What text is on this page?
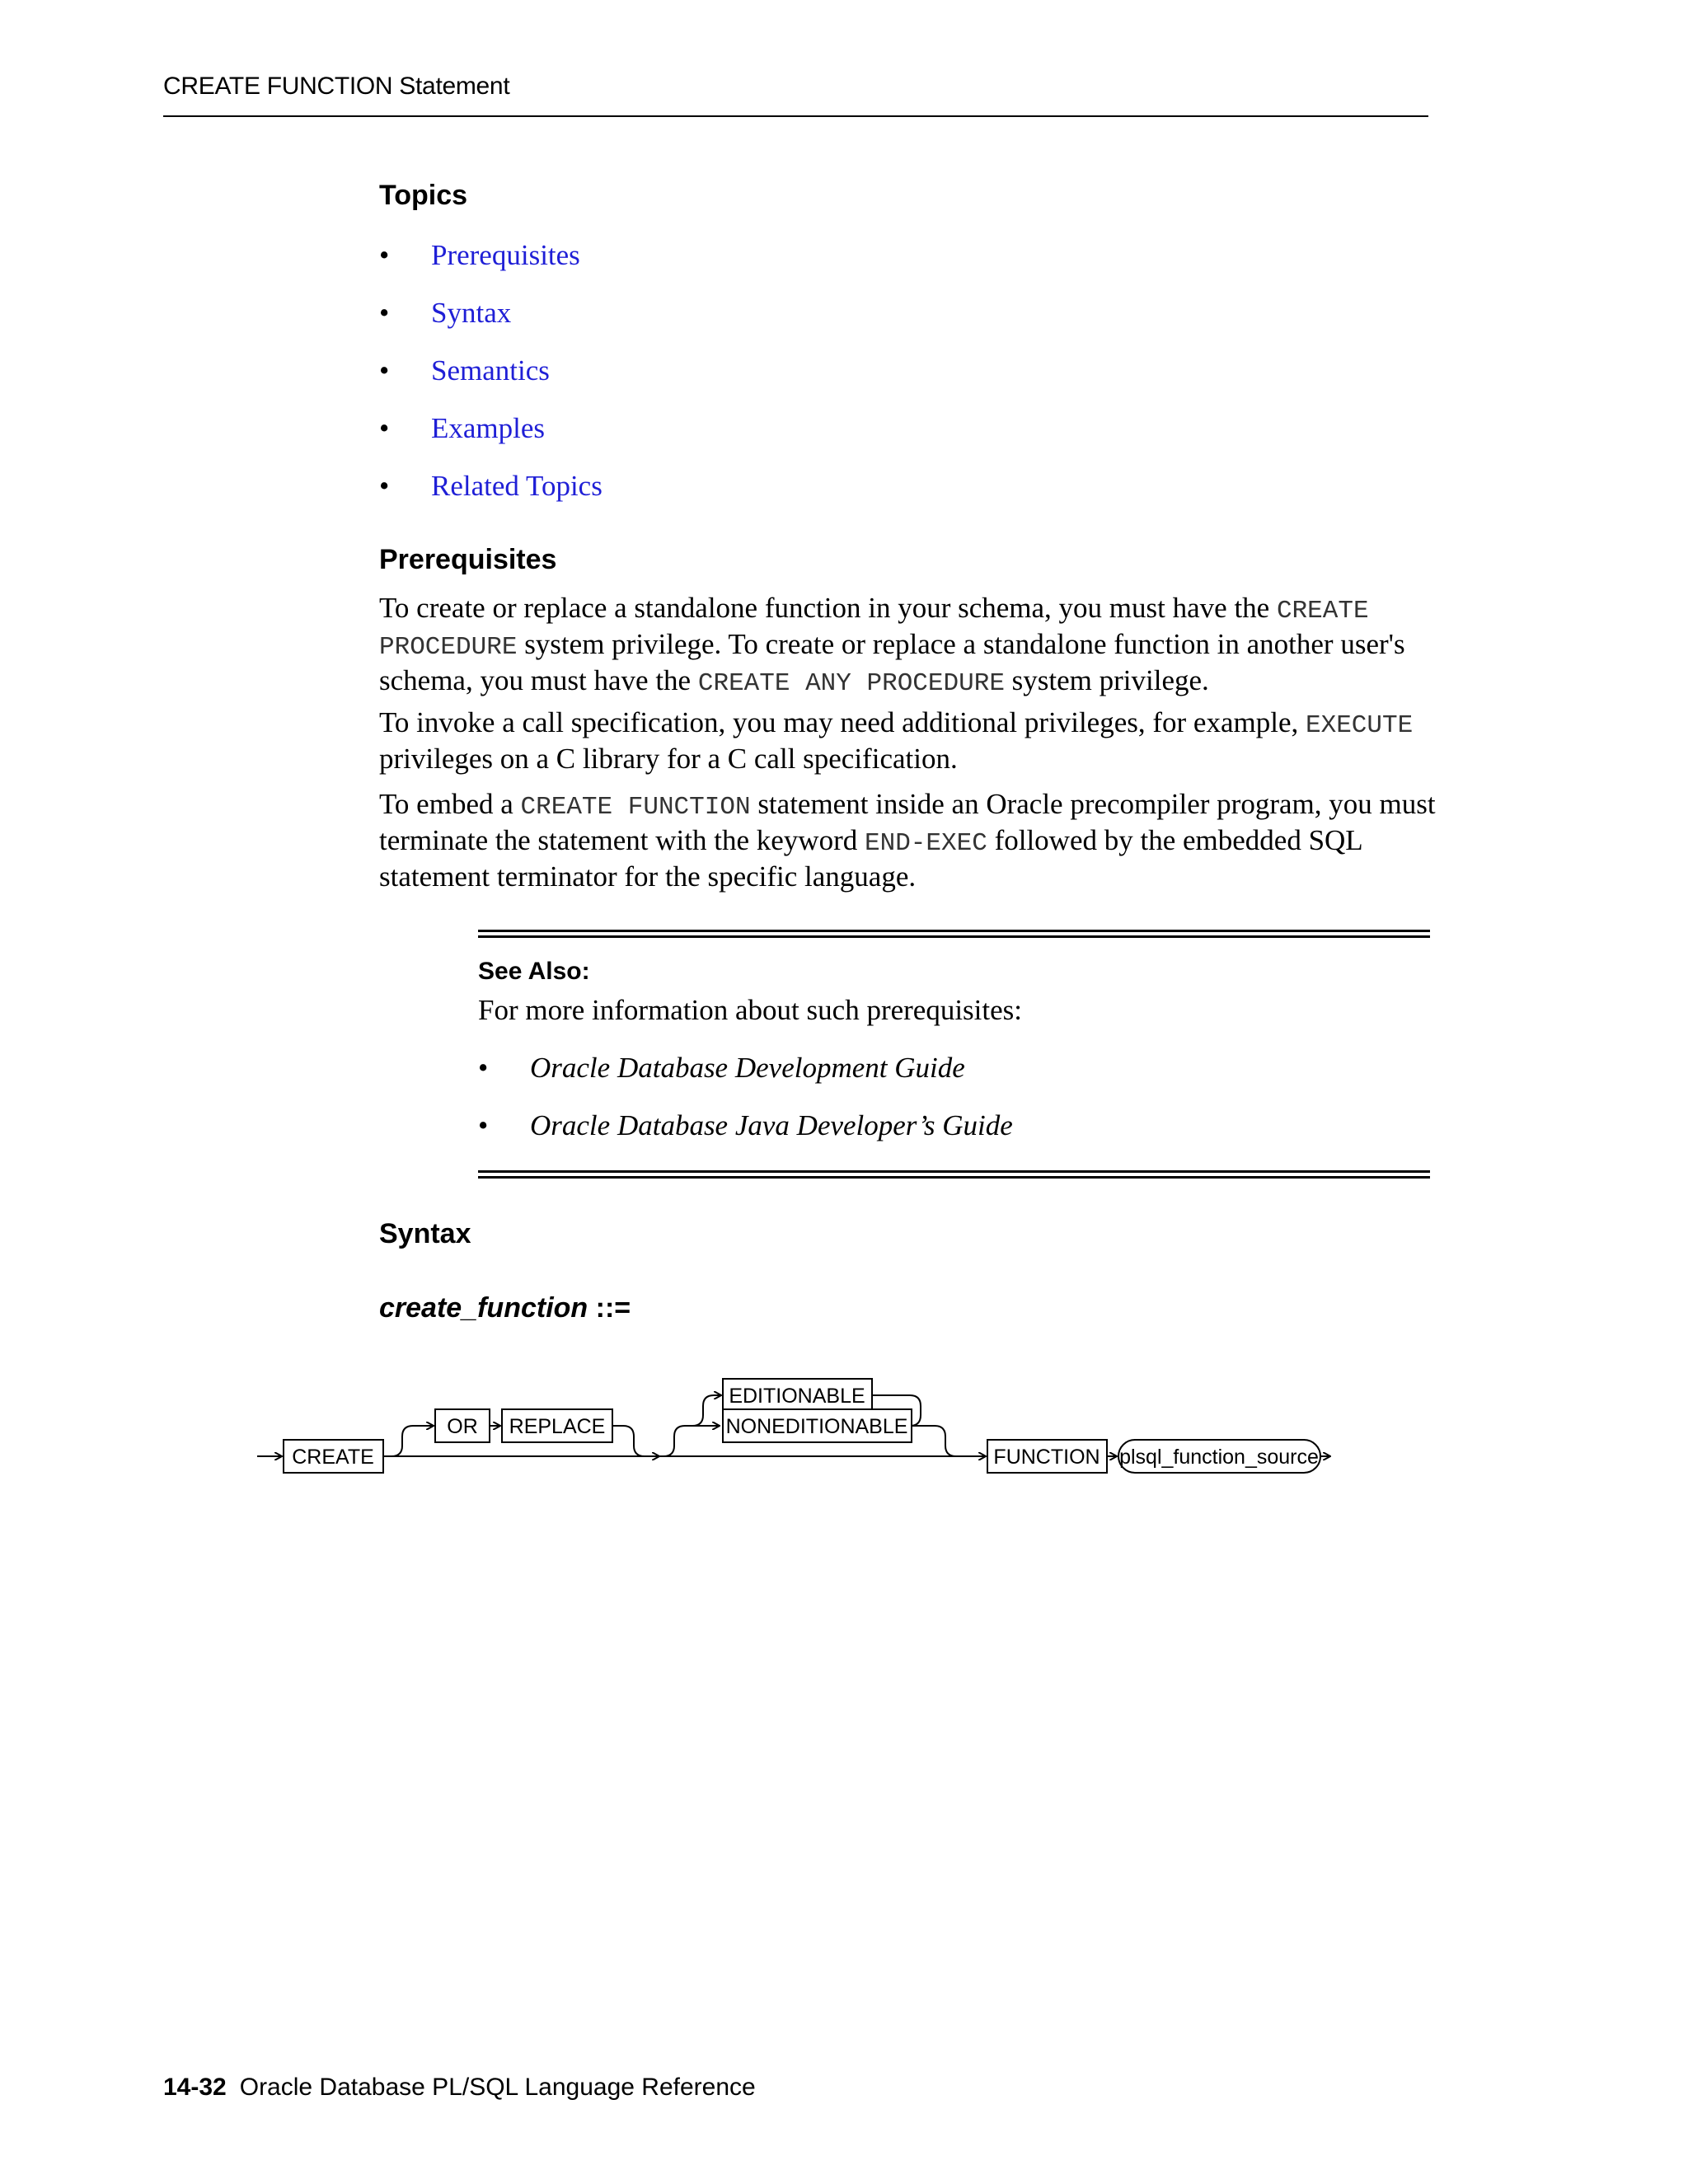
CREATE FUNCTION Statement
Topics
• Prerequisites
• Syntax
• Semantics
• Examples
• Related Topics
Prerequisites

To create or replace a standalone function in your schema, you must have the CREATE PROCEDURE system privilege. To create or replace a standalone function in another user's schema, you must have the CREATE ANY PROCEDURE system privilege.

To invoke a call specification, you may need additional privileges, for example, EXECUTE privileges on a C library for a C call specification.

To embed a CREATE FUNCTION statement inside an Oracle precompiler program, you must terminate the statement with the keyword END-EXEC followed by the embedded SQL statement terminator for the specific language.

See Also:
For more information about such prerequisites:
• Oracle Database Development Guide
• Oracle Database Java Developer’s Guide
Syntax
create_function ::=
CREATE
OR REPLACE
EDITIONABLE
NONEDITIONABLE
FUNCTION plsql_function_source
14-32 Oracle Database PL/SQL Language Reference
